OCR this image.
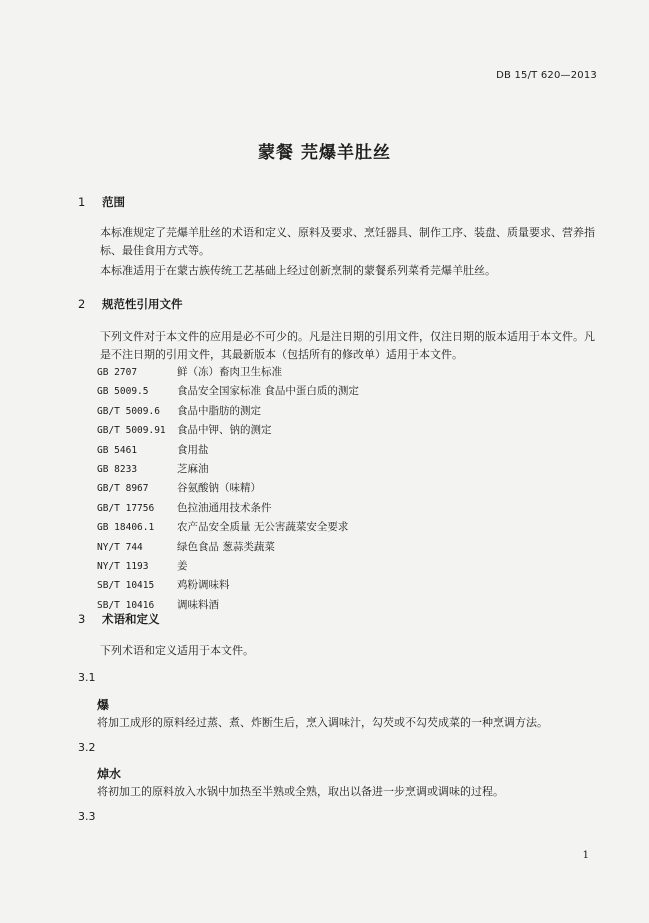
DB 15/T 620—2013
蒙餐 芫爆羊肚丝
1 范围
本标准规定了芫爆羊肚丝的术语和定义、原料及要求、烹饪器具、制作工序、装盘、质量要求、营养指标、最佳食用方式等。
本标准适用于在蒙古族传统工艺基础上经过创新烹制的蒙餐系列菜肴芫爆羊肚丝。
2 规范性引用文件
下列文件对于本文件的应用是必不可少的。凡是注日期的引用文件，仅注日期的版本适用于本文件。凡是不注日期的引用文件，其最新版本（包括所有的修改单）适用于本文件。
GB 2707	鲜（冻）畜肉卫生标准
GB 5009.5	食品安全国家标准 食品中蛋白质的测定
GB/T 5009.6 食品中脂肪的测定
GB/T 5009.91 食品中钾、钠的测定
GB 5461	食用盐
GB 8233	芝麻油
GB/T 8967	谷氨酸钠（味精）
GB/T 17756 色拉油通用技术条件
GB 18406.1 农产品安全质量 无公害蔬菜安全要求
NY/T 744	绿色食品 葱蒜类蔬菜
NY/T 1193	姜
SB/T 10415 鸡粉调味料
SB/T 10416 调味料酒
3 术语和定义
下列术语和定义适用于本文件。
3.1
爆
将加工成形的原料经过蒸、煮、炸断生后，烹入调味汁，勾芡或不勾芡成菜的一种烹调方法。
3.2
焯水
将初加工的原料放入水锅中加热至半熟或全熟，取出以备进一步烹调或调味的过程。
3.3
1
